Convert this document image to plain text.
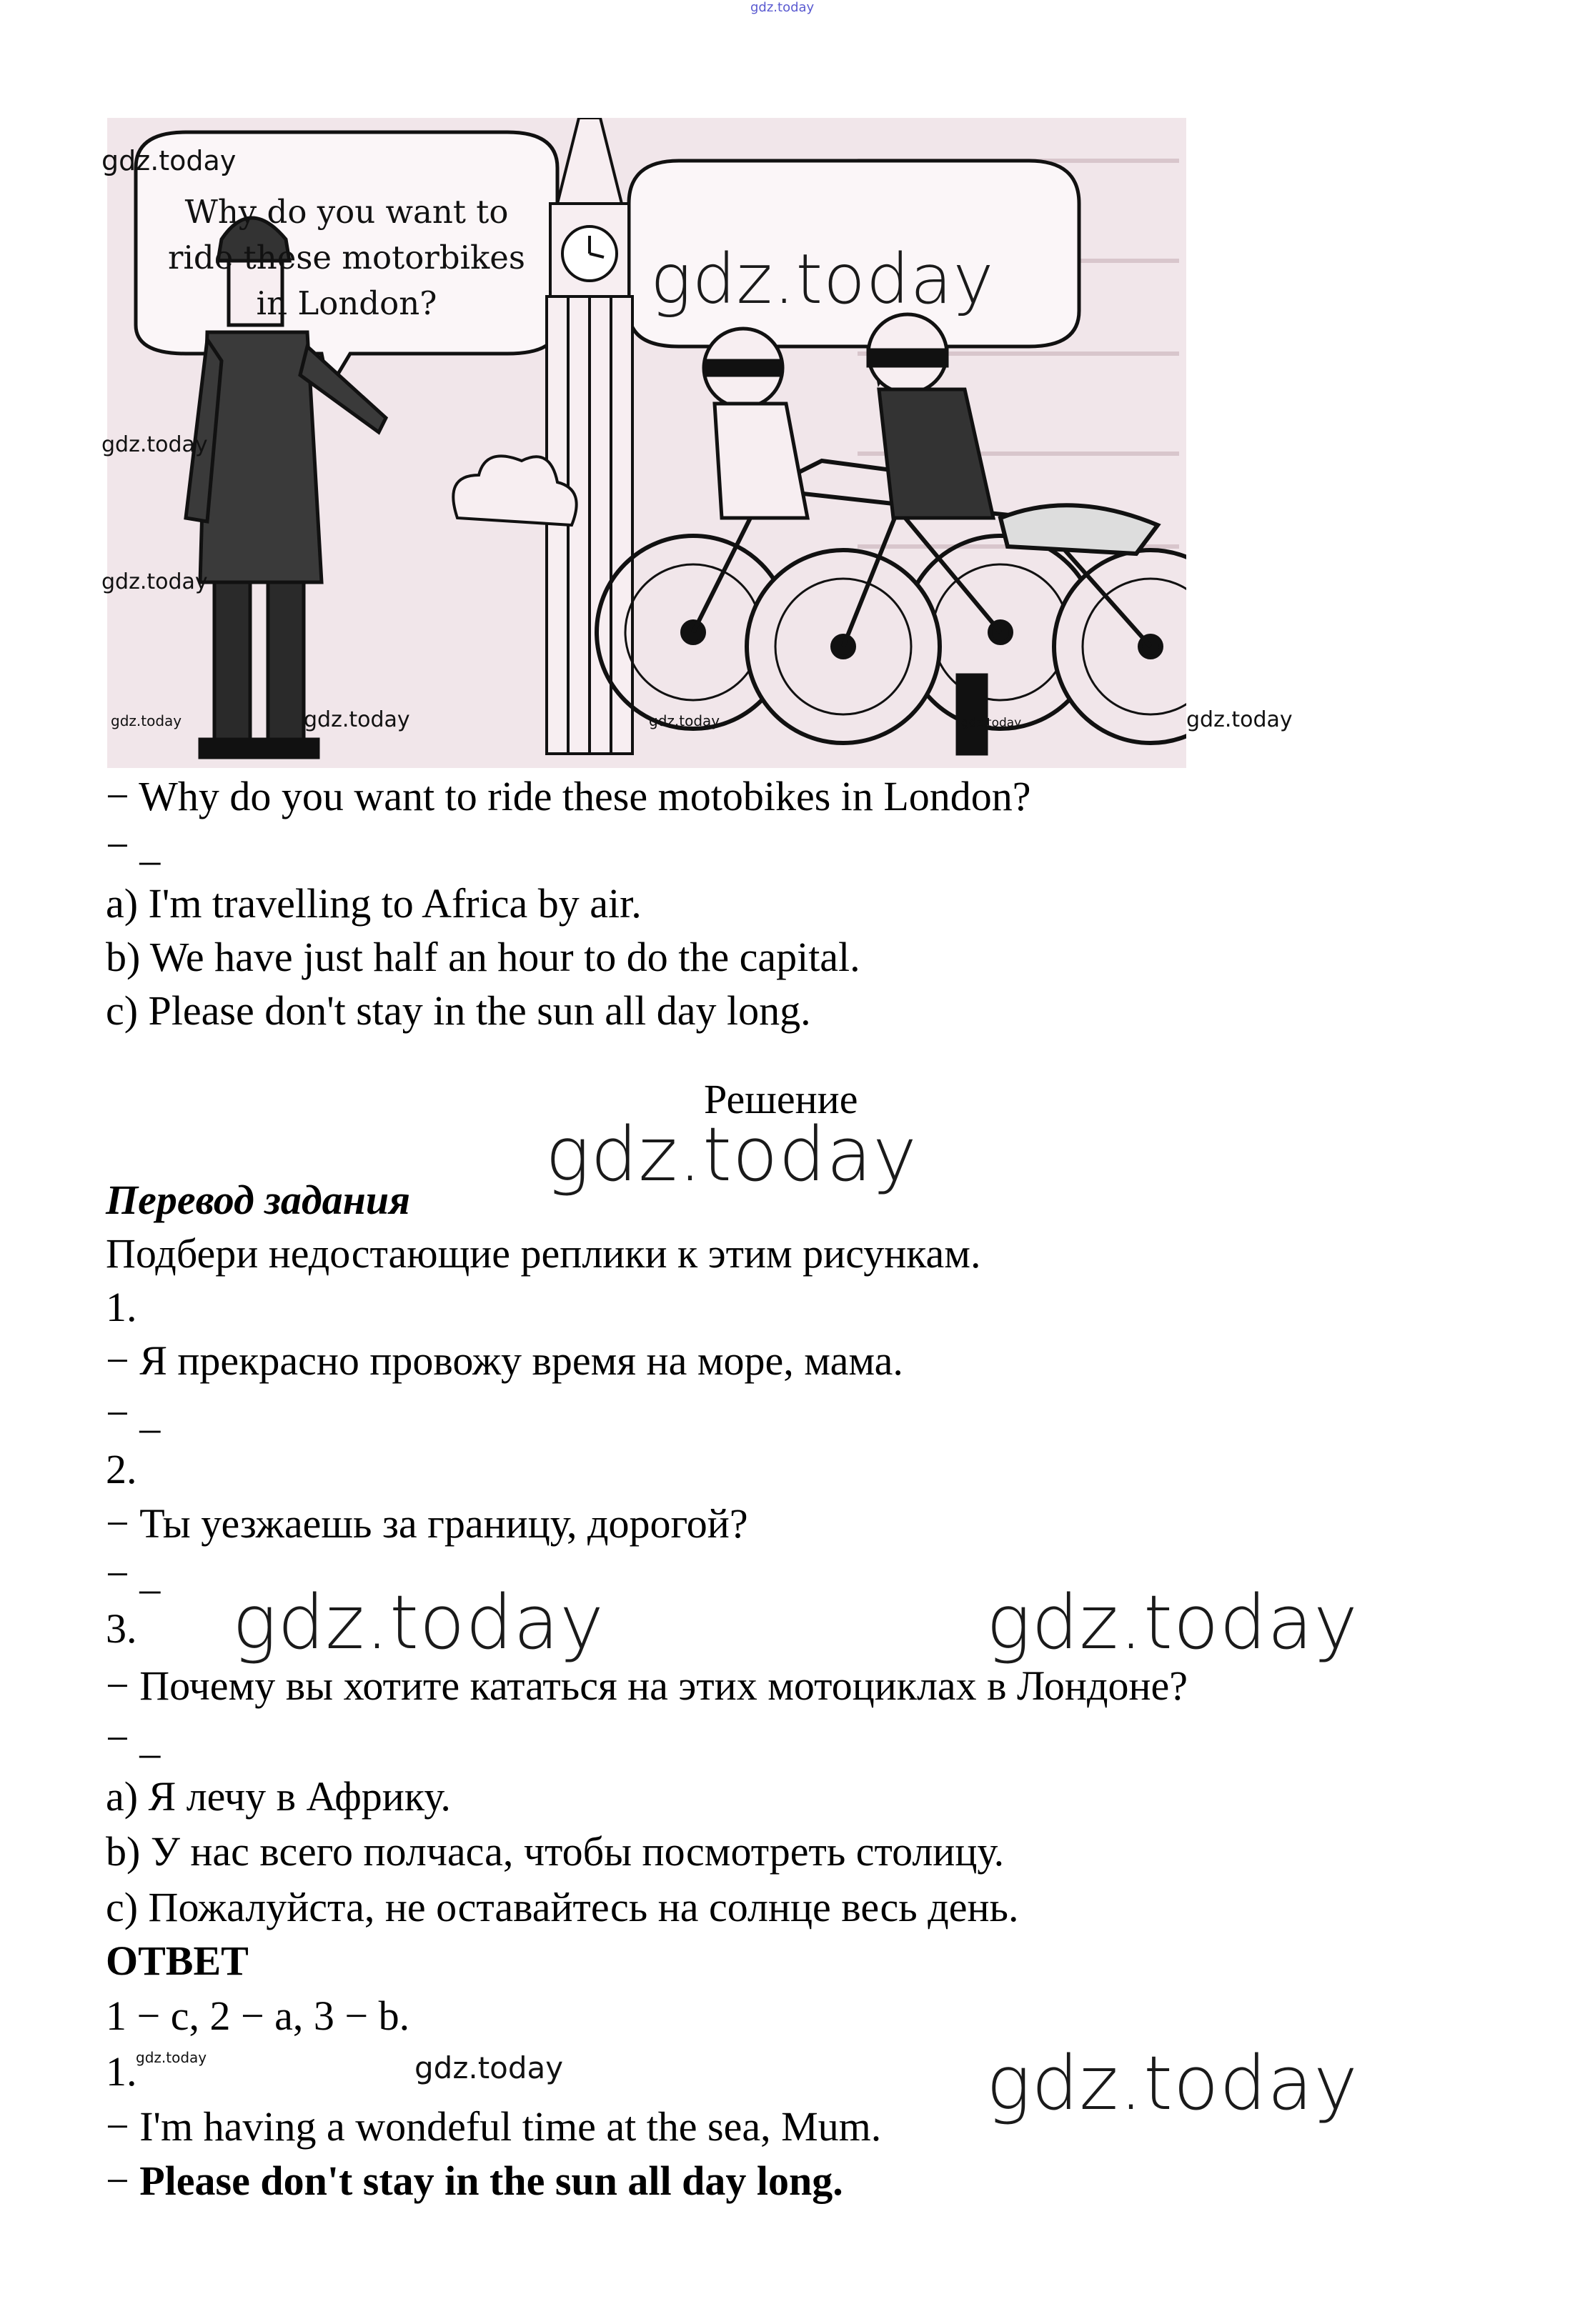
gdz.today
Why do you want to
ride these motorbikes
in London?	gdz.today
gdz.today
gdz.today
gdz.today
gdz.today	gdz.today	gdz.today	gdz.today	gdz.today
− Why do you want to ride these motobikes in London?
− _
a) I'm travelling to Africa by air.
b) We have just half an hour to do the capital.
c) Please don't stay in the sun all day long.
Решение
gdz.today
Перевод задания
Подбери недостающие реплики к этим рисункам.
1.
− Я прекрасно провожу время на море, мама.
− _
2.
− Ты уезжаешь за границу, дорогой?
− _
3. gdz.today	gdz.today
− Почему вы хотите кататься на этих мотоциклах в Лондоне?
− _
a) Я лечу в Африку.
b) У нас всего полчаса, чтобы посмотреть столицу.
c) Пожалуйста, не оставайтесь на солнце весь день.
ОТВЕТ
1 − c, 2 − a, 3 − b.
1.
gdz.today	gdz.today	gdz.today
− I'm having a wondeful time at the sea, Mum.
− Please don't stay in the sun all day long.
